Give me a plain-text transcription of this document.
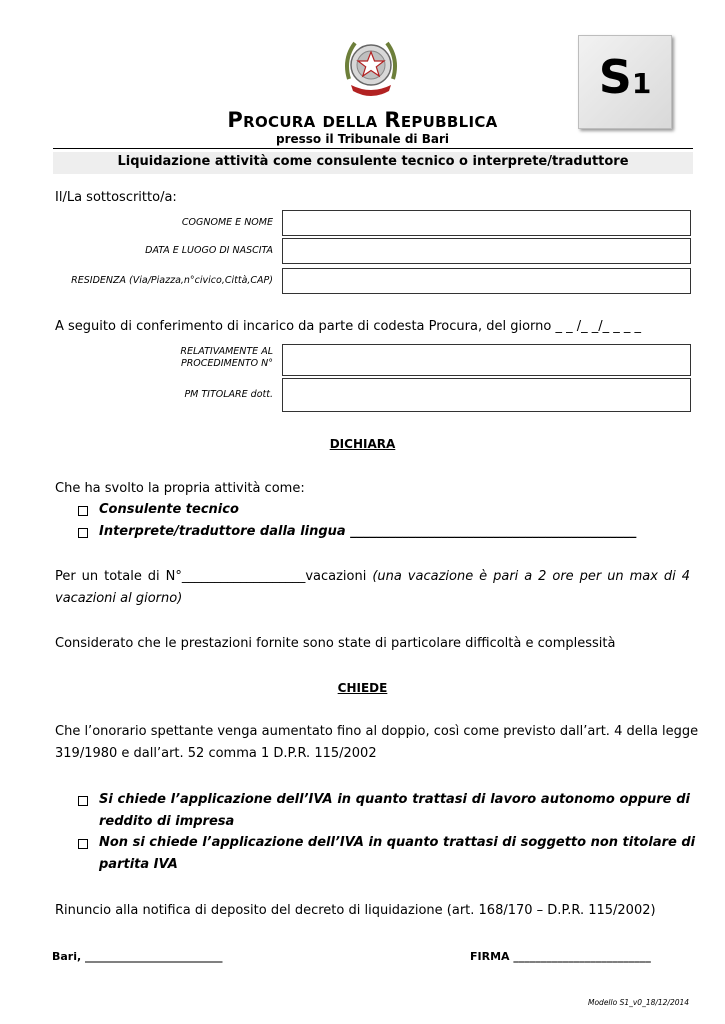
S1
PROCURA DELLA REPUBBLICA
presso il Tribunale di Bari
Liquidazione attività come consulente tecnico o interprete/traduttore
Il/La sottoscritto/a:
COGNOME E NOME
DATA E LUOGO DI NASCITA
RESIDENZA (Via/Piazza,n°civico,Città,CAP)
A seguito di conferimento di incarico da parte di codesta Procura, del giorno _ _ /_ _/_ _ _ _
RELATIVAMENTE AL
PROCEDIMENTO N°
PM TITOLARE dott.
DICHIARA
Che ha svolto la propria attività come:
Consulente tecnico
Interprete/traduttore dalla lingua ____________________________________________
Per un totale di N°___________________vacazioni (una vacazione è pari a 2 ore per un max di 4
vacazioni al giorno)
Considerato che le prestazioni fornite sono state di particolare difficoltà e complessità
CHIEDE
Che l’onorario spettante venga aumentato fino al doppio, così come previsto dall’art. 4 della legge
319/1980 e dall’art. 52 comma 1 D.P.R. 115/2002
Si chiede l’applicazione dell’IVA in quanto trattasi di lavoro autonomo oppure di
reddito di impresa
Non si chiede l’applicazione dell’IVA in quanto trattasi di soggetto non titolare di
partita IVA
Rinuncio alla notifica di deposito del decreto di liquidazione (art. 168/170 – D.P.R. 115/2002)
Bari, _________________________	FIRMA _________________________
Modello S1_v0_18/12/2014
